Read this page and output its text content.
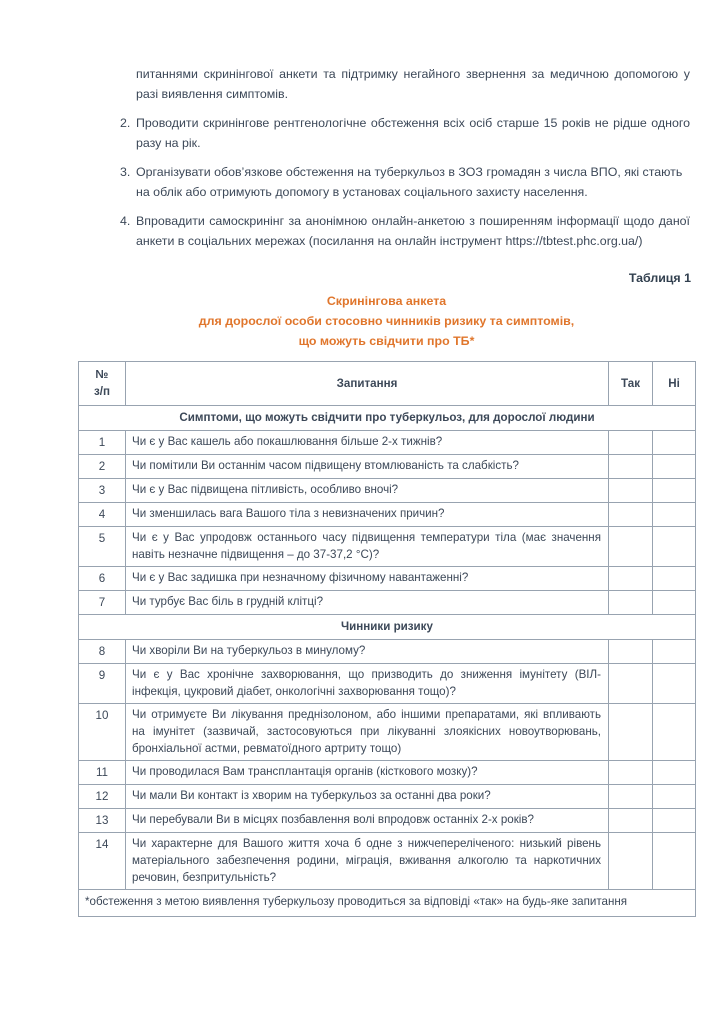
питаннями скринінгової анкети та підтримку негайного звернення за медичною допомогою у разі виявлення симптомів.

2. Проводити скринінгове рентгенологічне обстеження всіх осіб старше 15 років не рідше одного разу на рік.
3. Організувати обов’язкове обстеження на туберкульоз в ЗОЗ громадян з числа ВПО, які стають на облік або отримують допомогу в установах соціального захисту населення.
4. Впровадити самоскринінг за анонімною онлайн-анкетою з поширенням інформації щодо даної анкети в соціальних мережах (посилання на онлайн інструмент https://tbtest.phc.org.ua/)
Таблиця 1
Скринінгова анкета
для дорослої особи стосовно чинників ризику та симптомів,
що можуть свідчити про ТБ*
№
з/п	Запитання	Так	Ні
Симптоми, що можуть свідчити про туберкульоз, для дорослої людини			
1	Чи є у Вас кашель або покашлювання більше 2-х тижнів?		
2	Чи помітили Ви останнім часом підвищену втомлюваність та слабкість?		
3	Чи є у Вас підвищена пітливість, особливо вночі?		
4	Чи зменшилась вага Вашого тіла з невизначених причин?		
5	Чи є у Вас упродовж останнього часу підвищення температури тіла (має значення навіть незначне підвищення – до 37-37,2 °C)?		
6	Чи є у Вас задишка при незначному фізичному навантаженні?		
7	Чи турбує Вас біль в грудній клітці?		
Чинники ризику			
8	Чи хворіли Ви на туберкульоз в минулому?		
9	Чи є у Вас хронічне захворювання, що призводить до зниження імунітету (ВІЛ-інфекція, цукровий діабет, онкологічні захворювання тощо)?		
10	Чи отримуєте Ви лікування преднізолоном, або іншими препаратами, які впливають на імунітет (зазвичай, застосовуються при лікуванні злоякісних новоутворювань, бронхіальної астми, ревматоїдного артриту тощо)		
11	Чи проводилася Вам трансплантація органів (кісткового мозку)?		
12	Чи мали Ви контакт із хворим на туберкульоз за останні два роки?		
13	Чи перебували Ви в місцях позбавлення волі впродовж останніх 2-х років?		
14	Чи характерне для Вашого життя хоча б одне з нижчепереліченого: низький рівень матеріального забезпечення родини, міграція, вживання алкоголю та наркотичних речовин, безпритульність?		
*обстеження з метою виявлення туберкульозу проводиться за відповіді «так» на будь-яке запитання			
